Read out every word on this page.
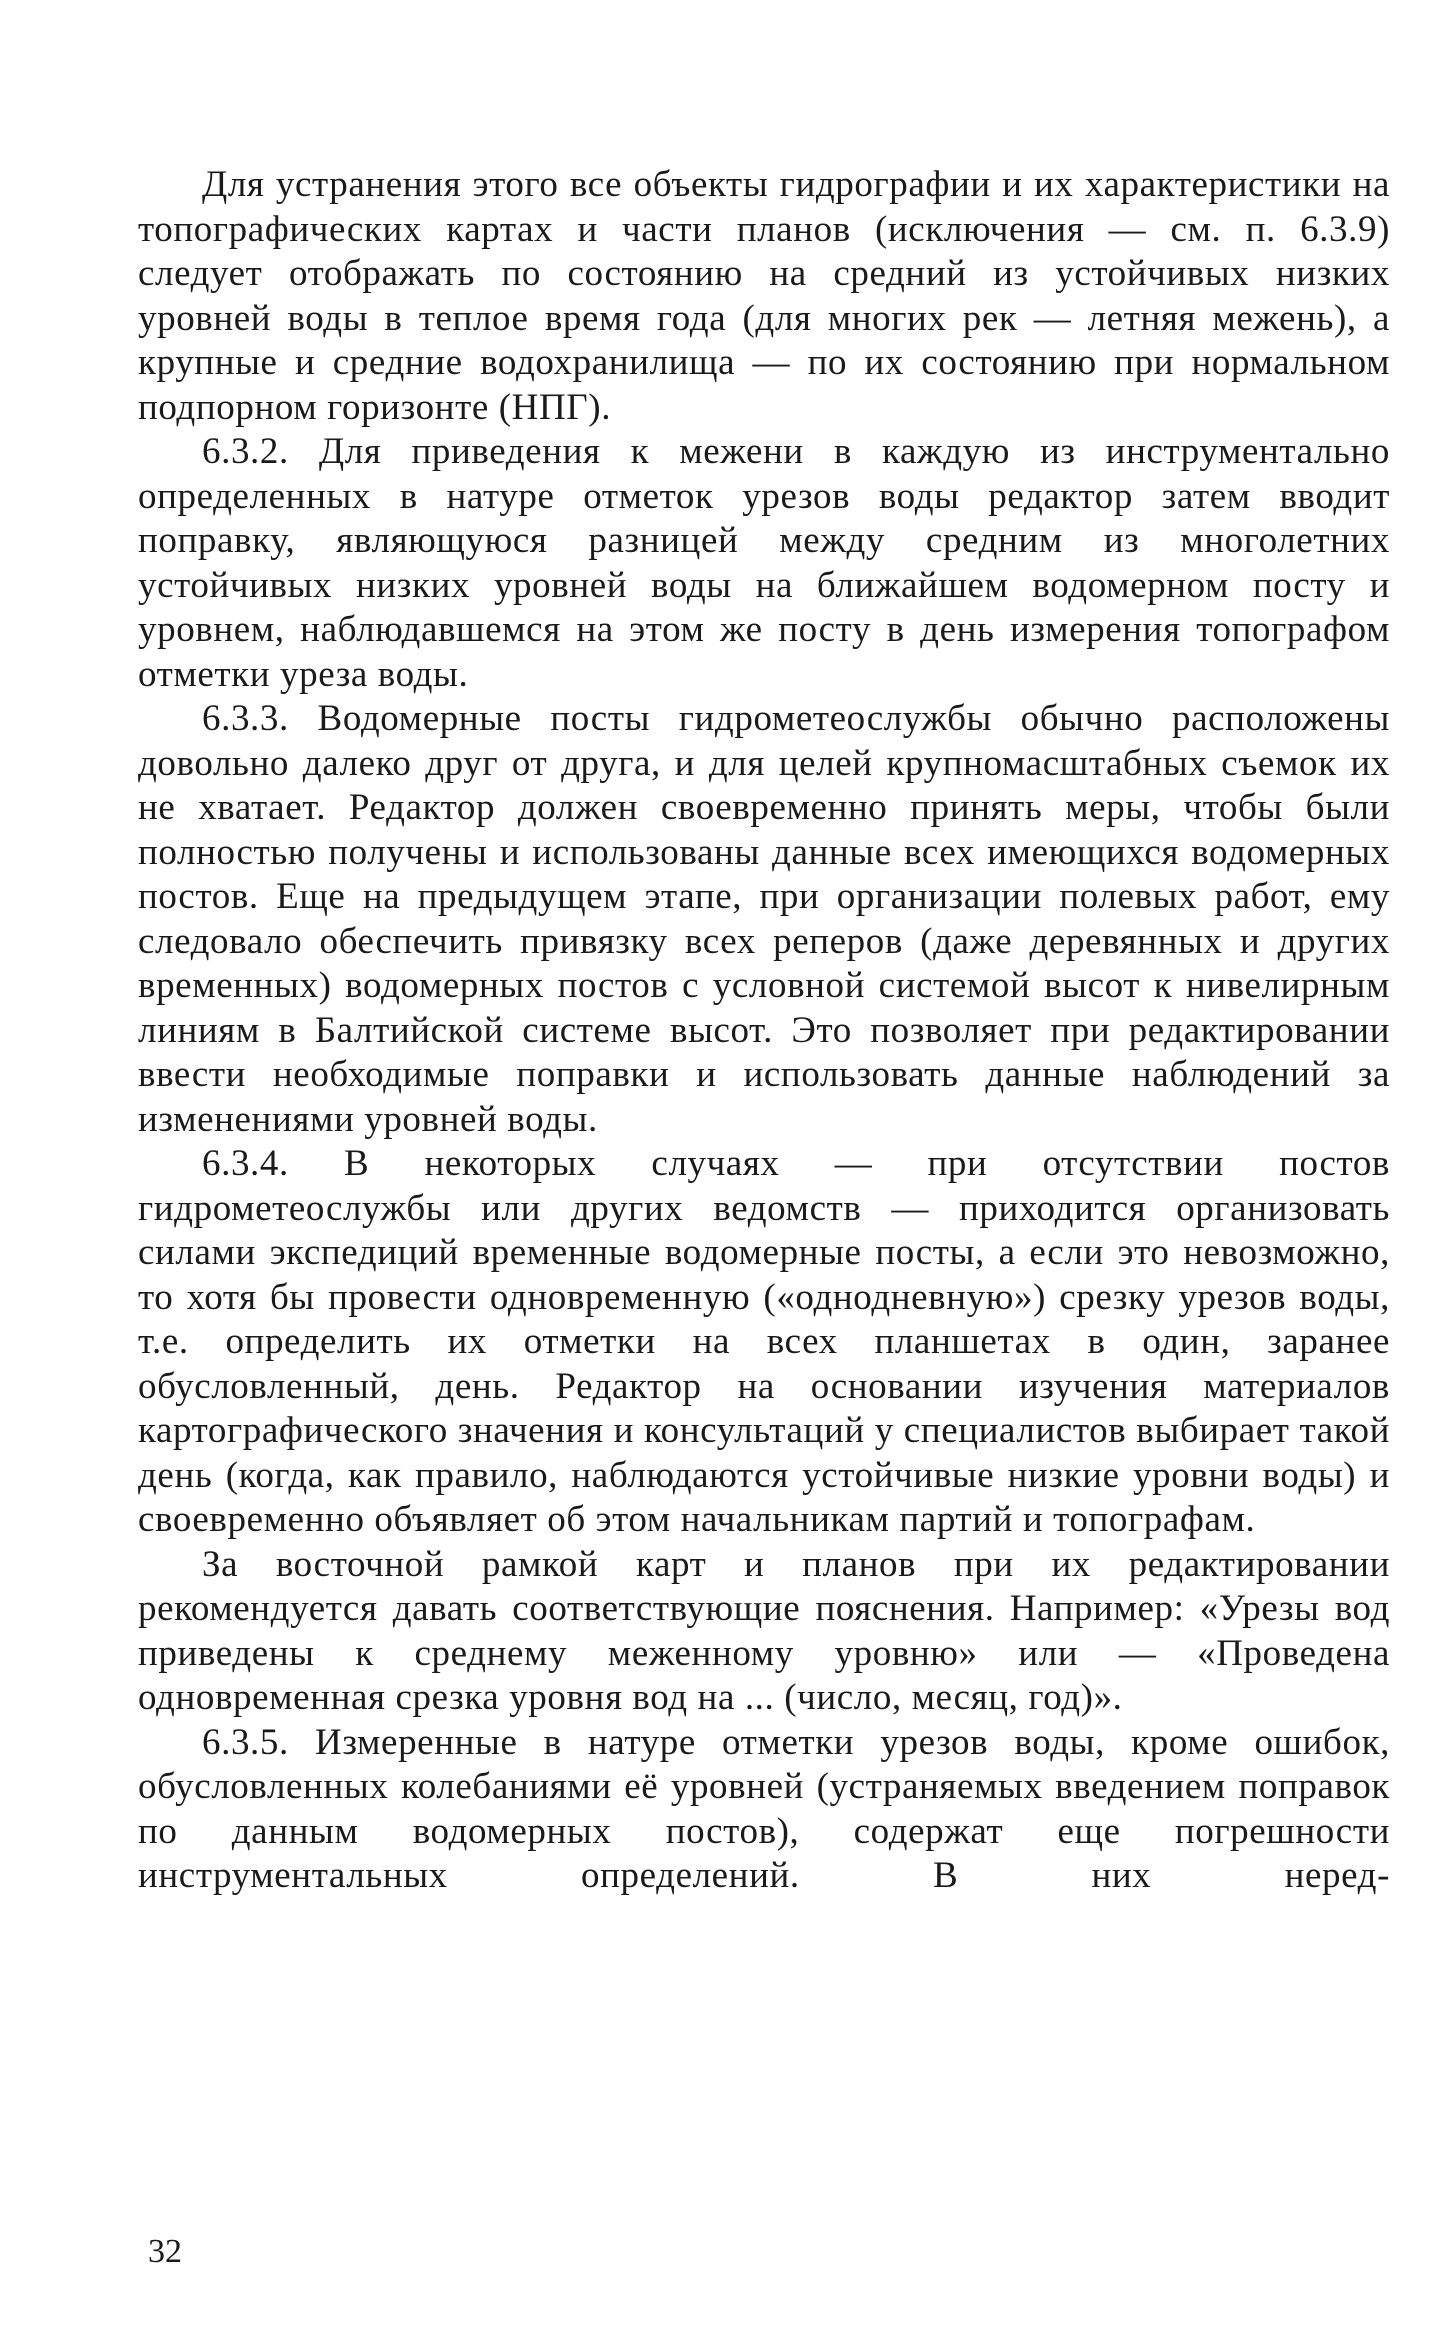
Для устранения этого все объекты гидрографии и их характеристики на топографических картах и части планов (исключения — см. п. 6.3.9) следует отображать по состоянию на средний из устойчивых низких уровней воды в теплое время года (для многих рек — летняя межень), а крупные и средние водохранилища — по их состоянию при нормальном подпорном горизонте (НПГ).

6.3.2. Для приведения к межени в каждую из инструментально определенных в натуре отметок урезов воды редактор затем вводит поправку, являющуюся разницей между средним из многолетних устойчивых низких уровней воды на ближайшем водомерном посту и уровнем, наблюдавшемся на этом же посту в день измерения топографом отметки уреза воды.

6.3.3. Водомерные посты гидрометеослужбы обычно расположены довольно далеко друг от друга, и для целей крупномасштабных съемок их не хватает. Редактор должен своевременно принять меры, чтобы были полностью получены и использованы данные всех имеющихся водомерных постов. Еще на предыдущем этапе, при организации полевых работ, ему следовало обеспечить привязку всех реперов (даже деревянных и других временных) водомерных постов с условной системой высот к нивелирным линиям в Балтийской системе высот. Это позволяет при редактировании ввести необходимые поправки и использовать данные наблюдений за изменениями уровней воды.

6.3.4. В некоторых случаях — при отсутствии постов гидрометеослужбы или других ведомств — приходится организовать силами экспедиций временные водомерные посты, а если это невозможно, то хотя бы провести одновременную («однодневную») срезку урезов воды, т.е. определить их отметки на всех планшетах в один, заранее обусловленный, день. Редактор на основании изучения материалов картографического значения и консультаций у специалистов выбирает такой день (когда, как правило, наблюдаются устойчивые низкие уровни воды) и своевременно объявляет об этом начальникам партий и топографам.

За восточной рамкой карт и планов при их редактировании рекомендуется давать соответствующие пояснения. Например: «Урезы вод приведены к среднему меженному уровню» или — «Проведена одновременная срезка уровня вод на ... (число, месяц, год)».

6.3.5. Измеренные в натуре отметки урезов воды, кроме ошибок, обусловленных колебаниями её уровней (устраняемых введением поправок по данным водомерных постов), содержат еще погрешности инструментальных определений. В них неред-

32
